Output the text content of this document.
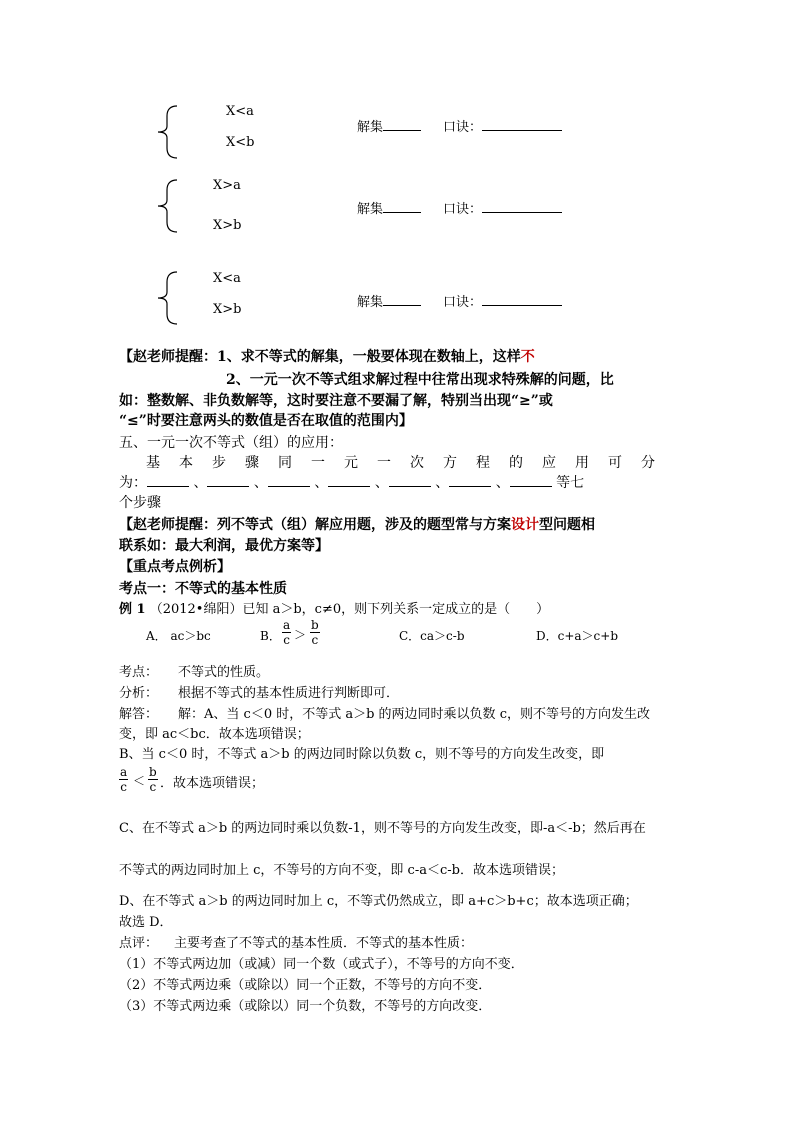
X<a
X<b
解集	口诀：
X>a
X>b
解集	口诀：
X<a
X>b	解集	口诀：
【赵老师提醒：1、求不等式的解集，一般要体现在数轴上，这样不
2、一元一次不等式组求解过程中往常出现求特殊解的问题，比
如：整数解、非负数解等，这时要注意不要漏了解，特别当出现“≥”或
“≤”时要注意两头的数值是否在取值的范围内】
五、一元一次不等式（组）的应用：
基 本 步 骤 同 一 元 一 次 方 程 的 应 用 可 分
为：	、	、	、	、	、	、	等七
个步骤
【赵老师提醒：列不等式（组）解应用题，涉及的题型常与方案设计型问题相
联系如：最大利润，最优方案等】
【重点考点例析】
考点一：不等式的基本性质
例 1 （2012•绵阳）已知 a＞b，c≠0，则下列关系一定成立的是（　　）
A． ac＞bc	B． $\frac{a}{c} > \frac{b}{c}$	C．ca＞c-b	D．c+a＞c+b
考点： 不等式的性质。
分析： 根据不等式的基本性质进行判断即可．
解答： 解：A、当 c＜0 时，不等式 a＞b 的两边同时乘以负数 c，则不等号的方向发生改
变，即 ac＜bc．故本选项错误；
B、当 c＜0 时，不等式 a＞b 的两边同时除以负数 c，则不等号的方向发生改变，即
$\frac{a}{c} < \frac{b}{c}$ ．故本选项错误；
C、在不等式 a＞b 的两边同时乘以负数-1，则不等号的方向发生改变，即-a＜-b；然后再在
不等式的两边同时加上 c，不等号的方向不变，即 c-a＜c-b．故本选项错误；
D、在不等式 a＞b 的两边同时加上 c，不等式仍然成立，即 a+c＞b+c；故本选项正确；
故选 D．
点评： 主要考查了不等式的基本性质．不等式的基本性质：
（1）不等式两边加（或减）同一个数（或式子），不等号的方向不变．
（2）不等式两边乘（或除以）同一个正数，不等号的方向不变．
（3）不等式两边乘（或除以）同一个负数，不等号的方向改变．
